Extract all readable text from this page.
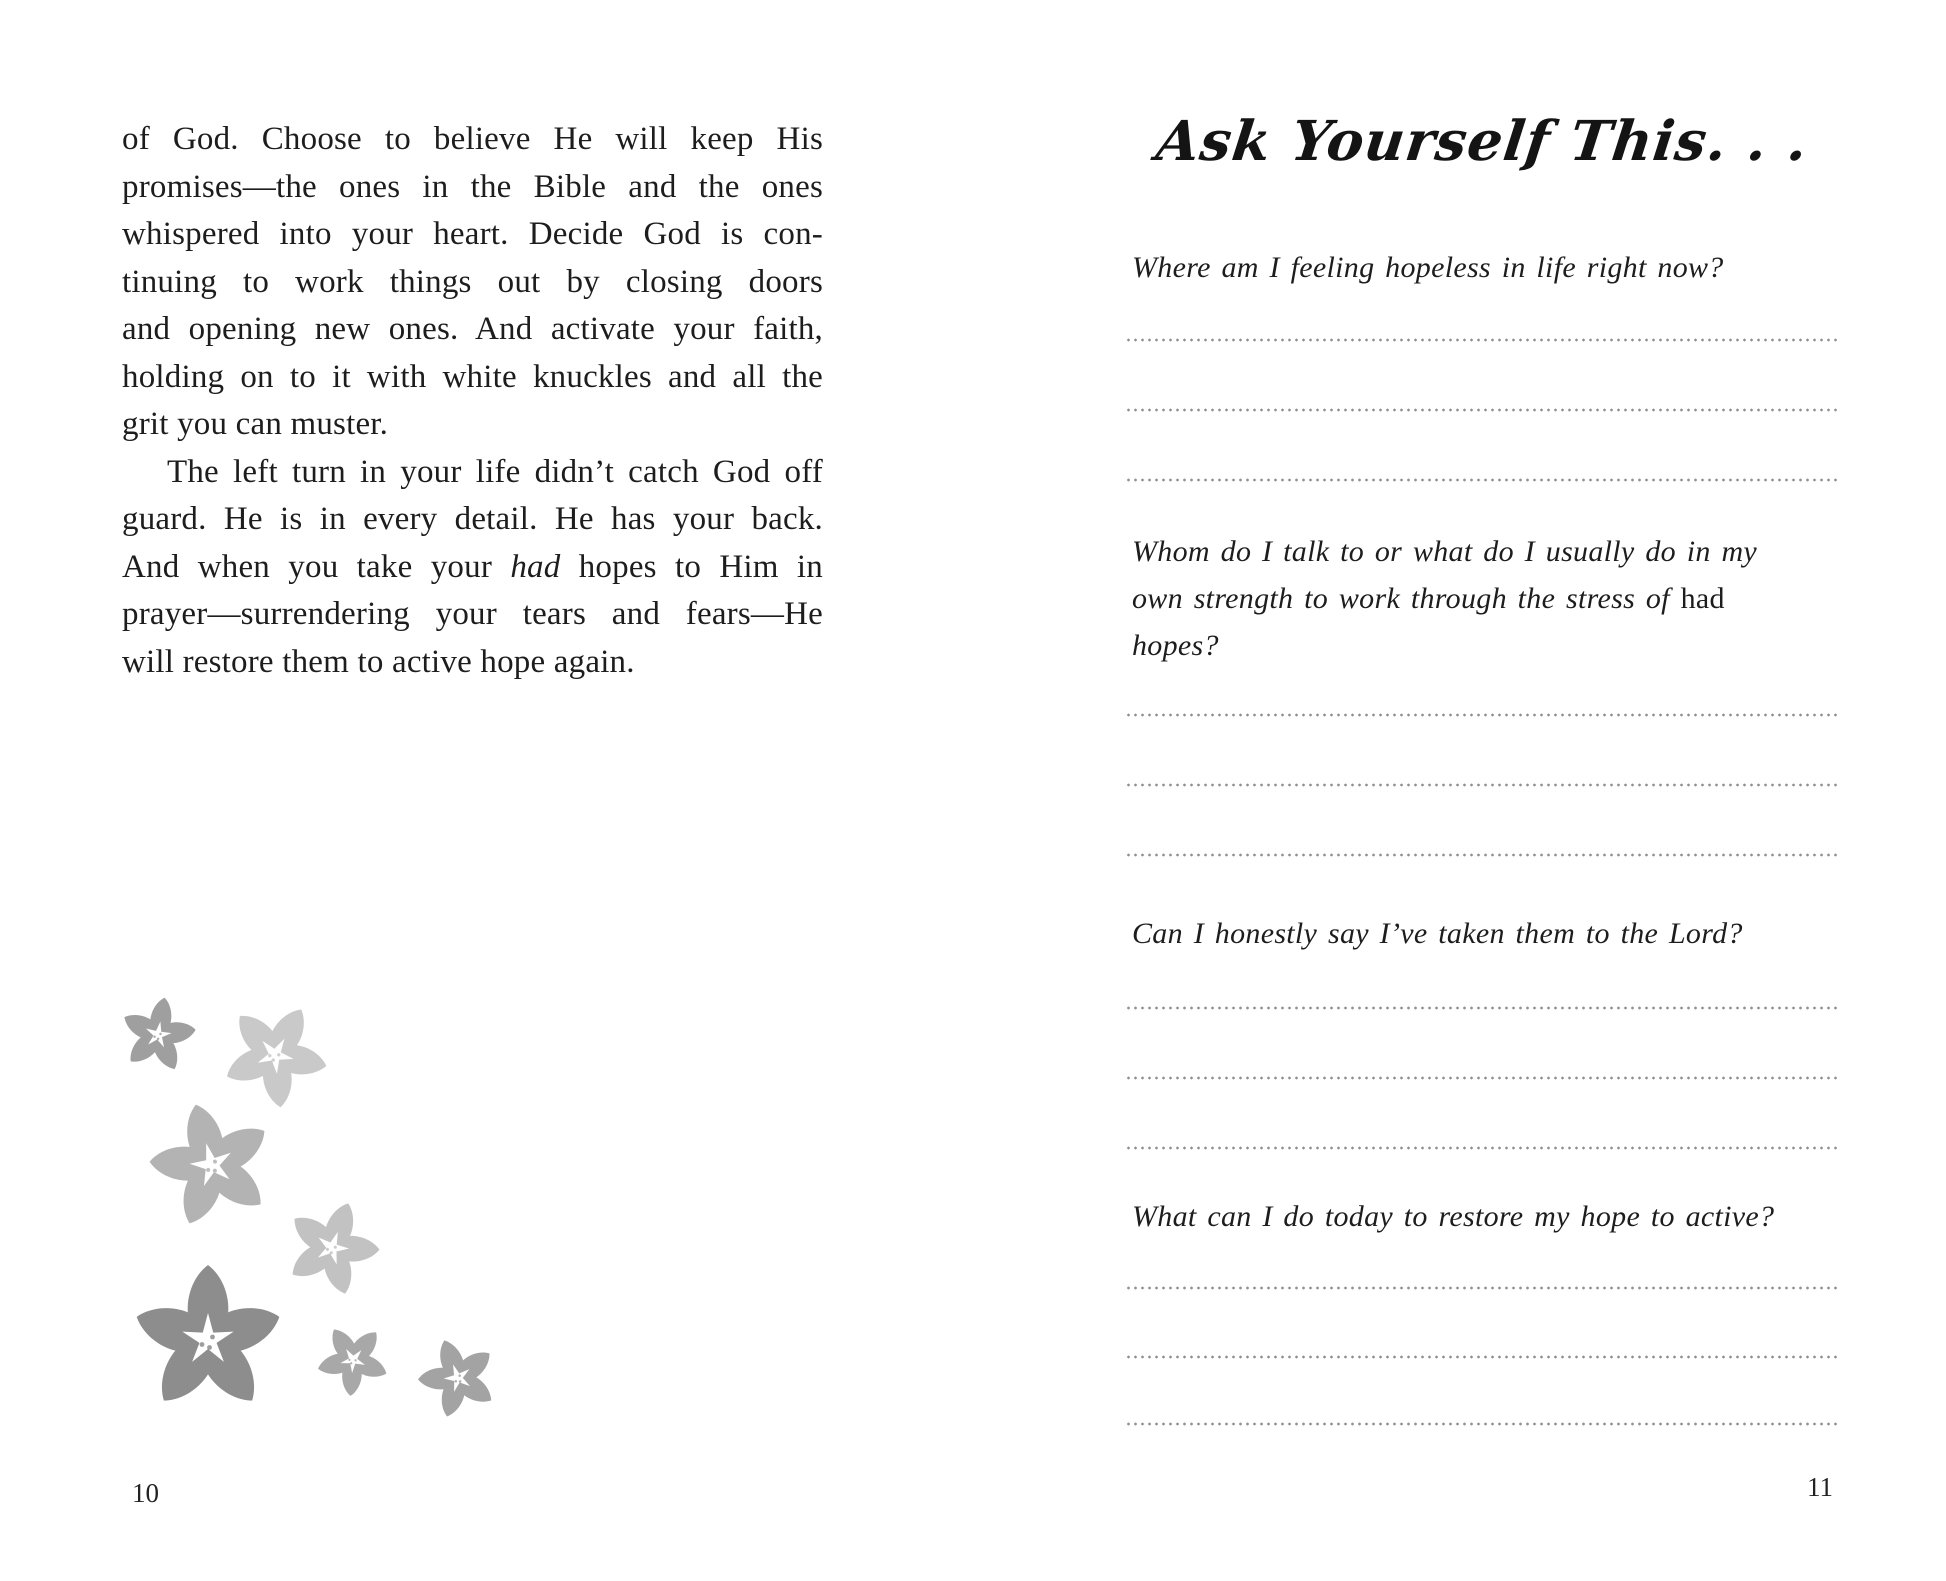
of God. Choose to believe He will keep His
promises—the ones in the Bible and the ones
whispered into your heart. Decide God is con-
tinuing to work things out by closing doors
and opening new ones. And activate your faith,
holding on to it with white knuckles and all the
grit you can muster.
The left turn in your life didn’t catch God off
guard. He is in every detail. He has your back.
And when you take your had hopes to Him in
prayer—surrendering your tears and fears—He
will restore them to active hope again.
10
Ask Yourself This. . .
Where am I feeling hopeless in life right now?
Whom do I talk to or what do I usually do in my
own strength to work through the stress of had
hopes?
Can I honestly say I’ve taken them to the Lord?
What can I do today to restore my hope to active?
11
